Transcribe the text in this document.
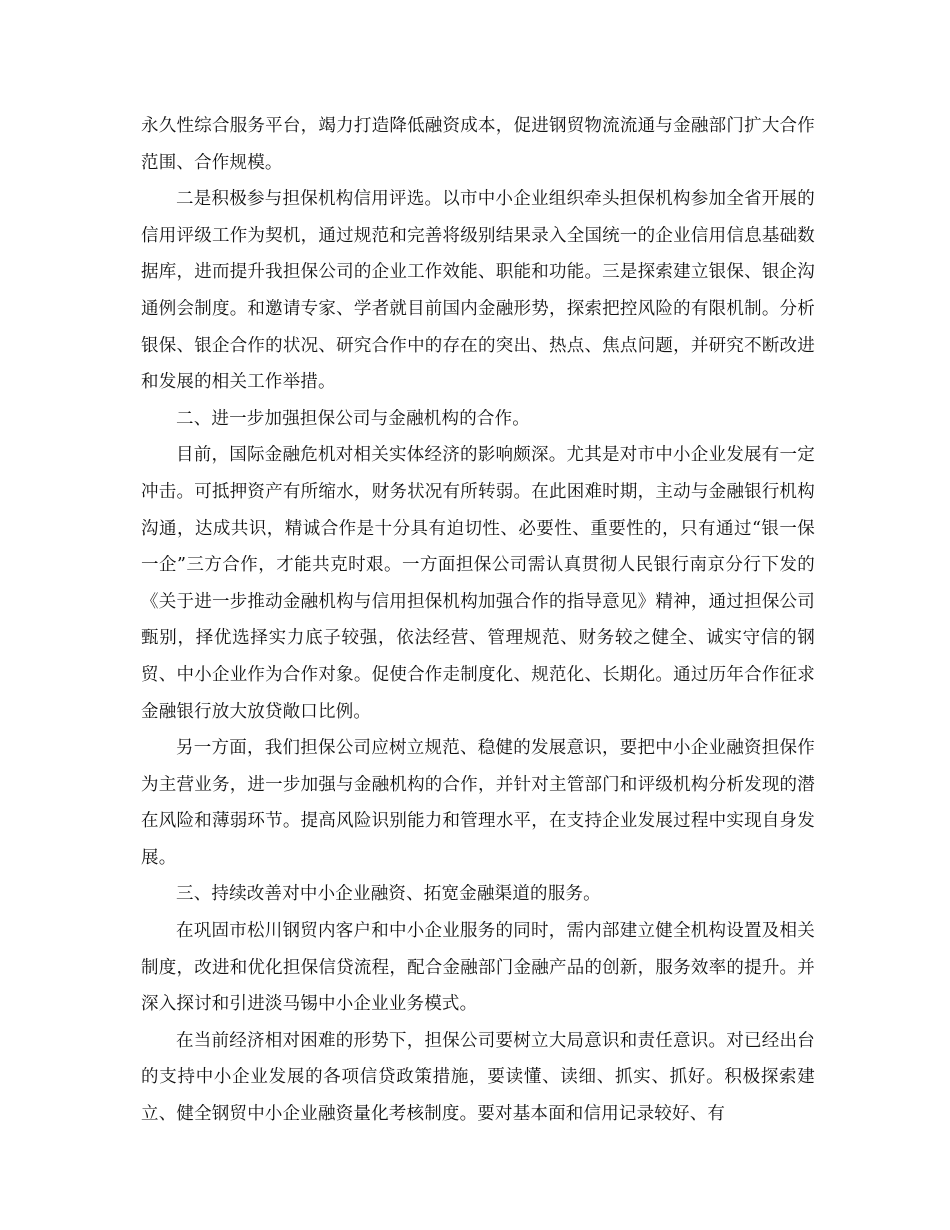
永久性综合服务平台，竭力打造降低融资成本，促进钢贸物流流通与金融部门扩大合作范围、合作规模。

二是积极参与担保机构信用评选。以市中小企业组织牵头担保机构参加全省开展的信用评级工作为契机，通过规范和完善将级别结果录入全国统一的企业信用信息基础数据库，进而提升我担保公司的企业工作效能、职能和功能。三是探索建立银保、银企沟通例会制度。和邀请专家、学者就目前国内金融形势，探索把控风险的有限机制。分析银保、银企合作的状况、研究合作中的存在的突出、热点、焦点问题，并研究不断改进和发展的相关工作举措。

二、进一步加强担保公司与金融机构的合作。

目前，国际金融危机对相关实体经济的影响颇深。尤其是对市中小企业发展有一定冲击。可抵押资产有所缩水，财务状况有所转弱。在此困难时期，主动与金融银行机构沟通，达成共识，精诚合作是十分具有迫切性、必要性、重要性的，只有通过“银一保一企”三方合作，才能共克时艰。一方面担保公司需认真贯彻人民银行南京分行下发的《关于进一步推动金融机构与信用担保机构加强合作的指导意见》精神，通过担保公司甄别，择优选择实力底子较强，依法经营、管理规范、财务较之健全、诚实守信的钢贸、中小企业作为合作对象。促使合作走制度化、规范化、长期化。通过历年合作征求金融银行放大放贷敞口比例。

另一方面，我们担保公司应树立规范、稳健的发展意识，要把中小企业融资担保作为主营业务，进一步加强与金融机构的合作，并针对主管部门和评级机构分析发现的潜在风险和薄弱环节。提高风险识别能力和管理水平，在支持企业发展过程中实现自身发展。

三、持续改善对中小企业融资、拓宽金融渠道的服务。

在巩固市松川钢贸内客户和中小企业服务的同时，需内部建立健全机构设置及相关制度，改进和优化担保信贷流程，配合金融部门金融产品的创新，服务效率的提升。并深入探讨和引进淡马锡中小企业业务模式。

在当前经济相对困难的形势下，担保公司要树立大局意识和责任意识。对已经出台的支持中小企业发展的各项信贷政策措施，要读懂、读细、抓实、抓好。积极探索建立、健全钢贸中小企业融资量化考核制度。要对基本面和信用记录较好、有
